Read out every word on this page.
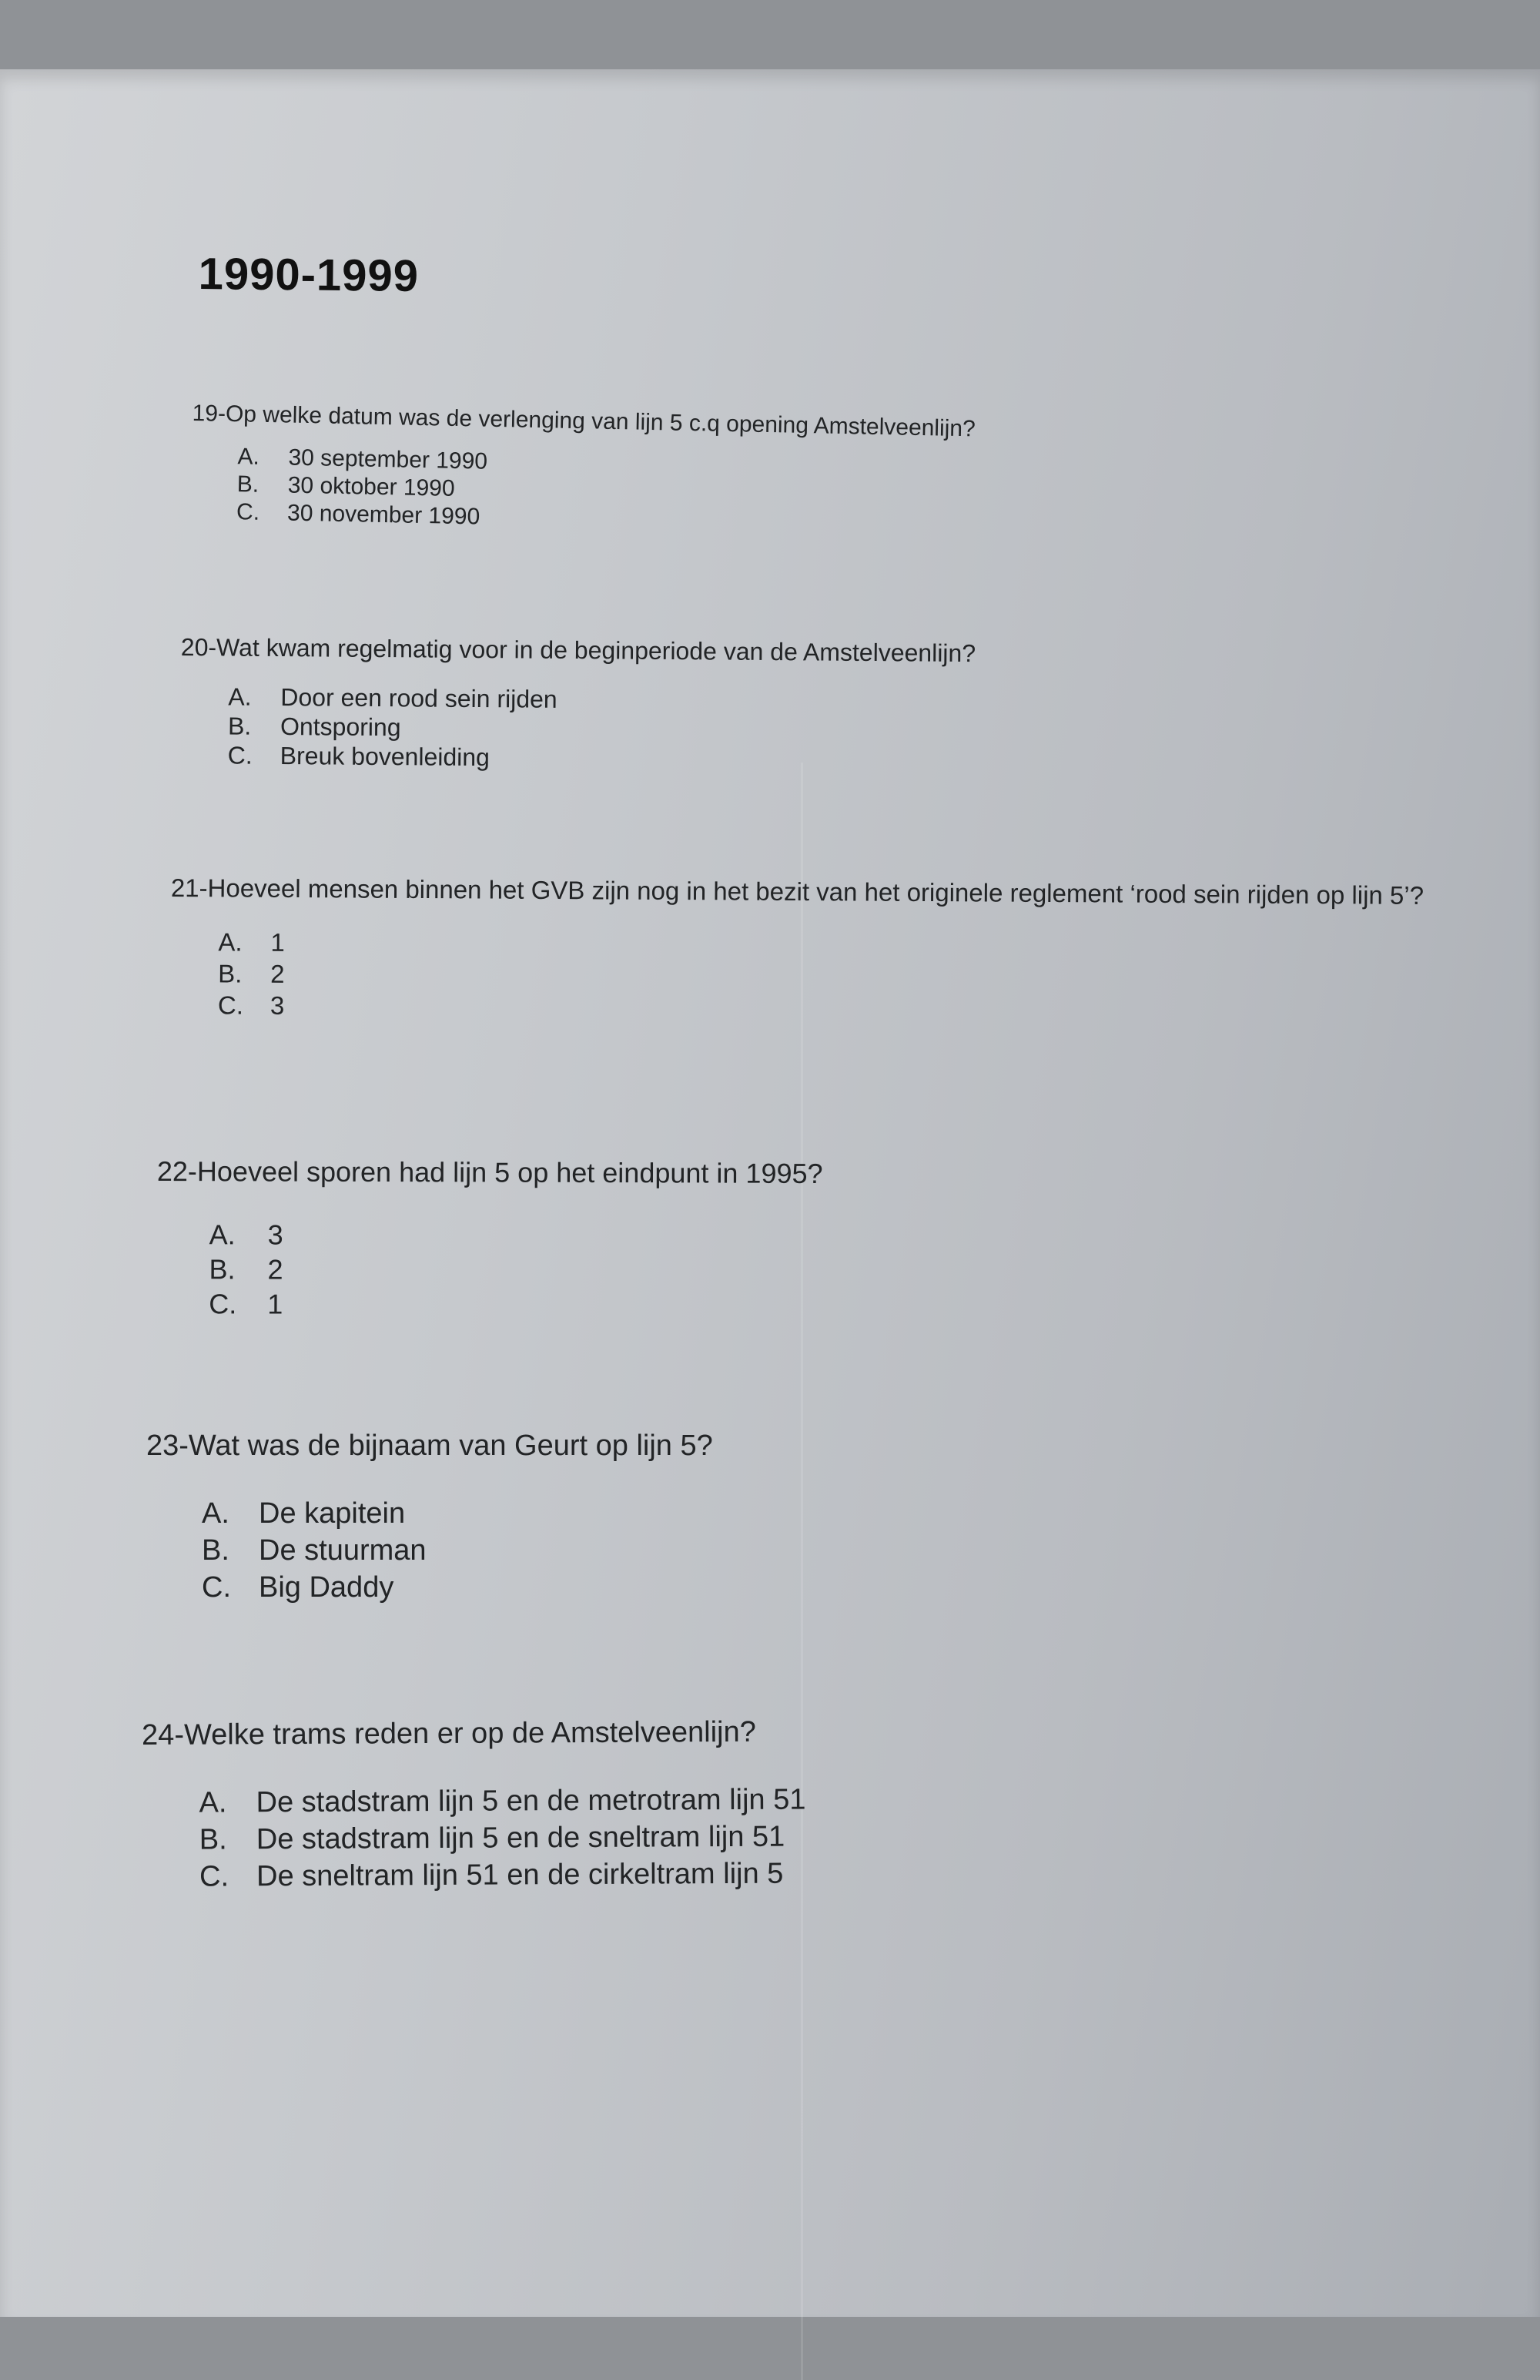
1990-1999
19-Op welke datum was de verlenging van lijn 5 c.q opening Amstelveenlijn?
A.	30 september 1990
B.	30 oktober 1990
C.	30 november 1990
20-Wat kwam regelmatig voor in de beginperiode van de Amstelveenlijn?
A.	Door een rood sein rijden
B.	Ontsporing
C.	Breuk bovenleiding
21-Hoeveel mensen binnen het GVB zijn nog in het bezit van het originele reglement ‘rood sein rijden op lijn 5’?
A.	1
B.	2
C.	3
22-Hoeveel sporen had lijn 5 op het eindpunt in 1995?
A.	3
B.	2
C.	1
23-Wat was de bijnaam van Geurt op lijn 5?
A.	De kapitein
B.	De stuurman
C. Big Daddy
24-Welke trams reden er op de Amstelveenlijn?
A. De stadstram lijn 5 en de metrotram lijn 51
B. De stadstram lijn 5 en de sneltram lijn 51
C. De sneltram lijn 51 en de cirkeltram lijn 5
